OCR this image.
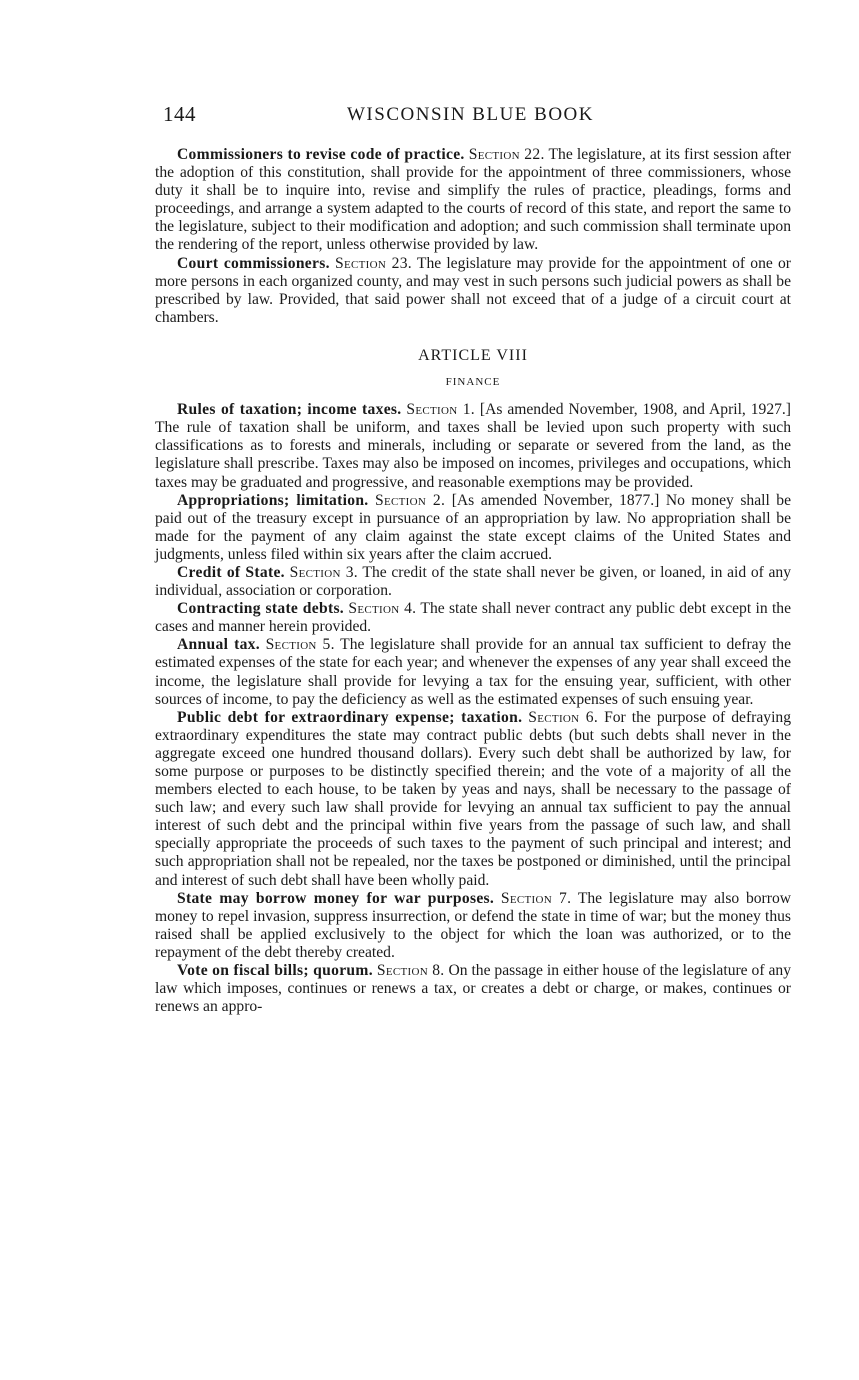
144	WISCONSIN BLUE BOOK

Commissioners to revise code of practice. Section 22. The legislature, at its first session after the adoption of this constitution, shall provide for the appointment of three commissioners, whose duty it shall be to inquire into, revise and simplify the rules of practice, pleadings, forms and proceedings, and arrange a system adapted to the courts of record of this state, and report the same to the legislature, subject to their modification and adoption; and such commission shall terminate upon the rendering of the report, unless otherwise provided by law.

Court commissioners. Section 23. The legislature may provide for the appointment of one or more persons in each organized county, and may vest in such persons such judicial powers as shall be prescribed by law. Provided, that said power shall not exceed that of a judge of a circuit court at chambers.

ARTICLE VIII
FINANCE

Rules of taxation; income taxes. Section 1. [As amended November, 1908, and April, 1927.] The rule of taxation shall be uniform, and taxes shall be levied upon such property with such classifications as to forests and minerals, including or separate or severed from the land, as the legislature shall prescribe. Taxes may also be imposed on incomes, privileges and occupations, which taxes may be graduated and progressive, and reasonable exemptions may be provided.

Appropriations; limitation. Section 2. [As amended November, 1877.] No money shall be paid out of the treasury except in pursuance of an appropriation by law. No appropriation shall be made for the payment of any claim against the state except claims of the United States and judgments, unless filed within six years after the claim accrued.

Credit of State. Section 3. The credit of the state shall never be given, or loaned, in aid of any individual, association or corporation.

Contracting state debts. Section 4. The state shall never contract any public debt except in the cases and manner herein provided.

Annual tax. Section 5. The legislature shall provide for an annual tax sufficient to defray the estimated expenses of the state for each year; and whenever the expenses of any year shall exceed the income, the legislature shall provide for levying a tax for the ensuing year, sufficient, with other sources of income, to pay the deficiency as well as the estimated expenses of such ensuing year.

Public debt for extraordinary expense; taxation. Section 6. For the purpose of defraying extraordinary expenditures the state may contract public debts (but such debts shall never in the aggregate exceed one hundred thousand dollars). Every such debt shall be authorized by law, for some purpose or purposes to be distinctly specified therein; and the vote of a majority of all the members elected to each house, to be taken by yeas and nays, shall be necessary to the passage of such law; and every such law shall provide for levying an annual tax sufficient to pay the annual interest of such debt and the principal within five years from the passage of such law, and shall specially appropriate the proceeds of such taxes to the payment of such principal and interest; and such appropriation shall not be repealed, nor the taxes be postponed or diminished, until the principal and interest of such debt shall have been wholly paid.

State may borrow money for war purposes. Section 7. The legislature may also borrow money to repel invasion, suppress insurrection, or defend the state in time of war; but the money thus raised shall be applied exclusively to the object for which the loan was authorized, or to the repayment of the debt thereby created.

Vote on fiscal bills; quorum. Section 8. On the passage in either house of the legislature of any law which imposes, continues or renews a tax, or creates a debt or charge, or makes, continues or renews an appro-
